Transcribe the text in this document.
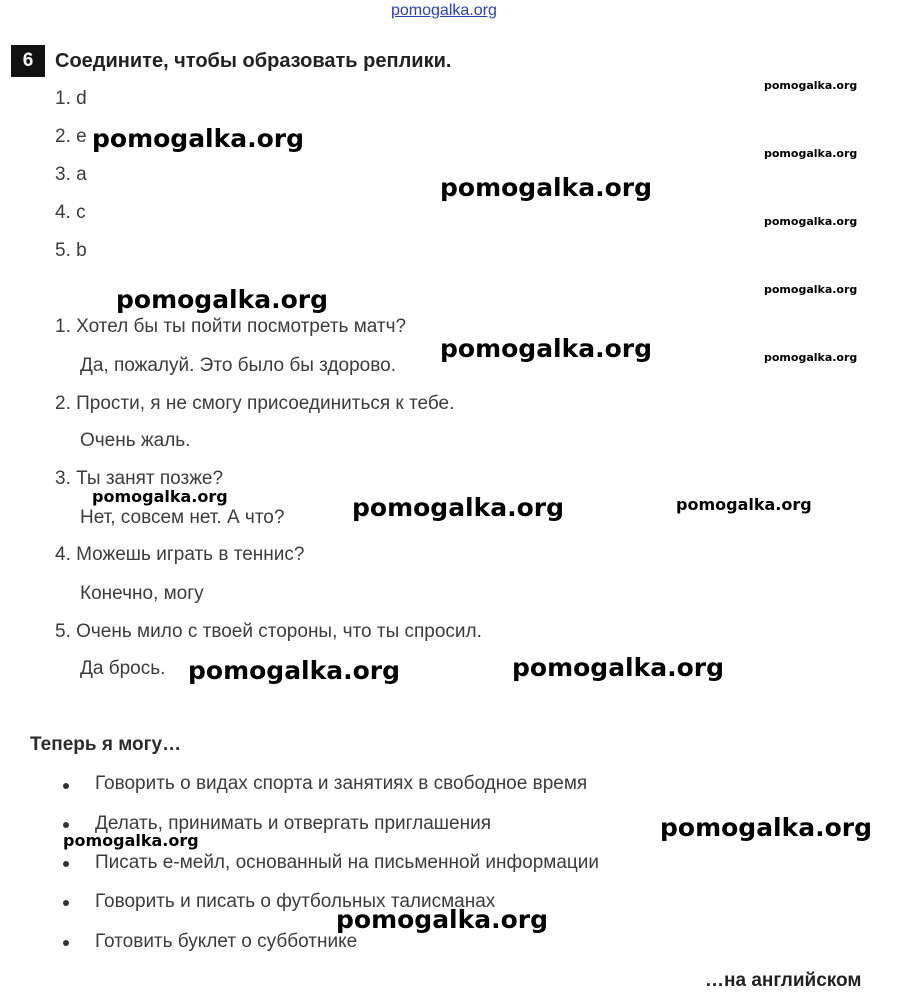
pomogalka.org
6	Соедините, чтобы образовать реплики.
1. d
2. e
3. a
4. c
5. b
1. Хотел бы ты пойти посмотреть матч?
Да, пожалуй. Это было бы здорово.
2. Прости, я не смогу присоединиться к тебе.
Очень жаль.
3. Ты занят позже?
Нет, совсем нет. А что?
4. Можешь играть в теннис?
Конечно, могу
5. Очень мило с твоей стороны, что ты спросил.
Да брось.
Теперь я могу…
Говорить о видах спорта и занятиях в свободное время
Делать, принимать и отвергать приглашения
Писать е-мейл, основанный на письменной информации
Говорить и писать о футбольных талисманах
Готовить буклет о субботнике
…на английском
pomogalka.org
pomogalka.org
pomogalka.org
pomogalka.org
pomogalka.org
pomogalka.org	pomogalka.org
pomogalka.org
pomogalka.org
pomogalka.org
pomogalka.org
pomogalka.org
pomogalka.org
pomogalka.org	pomogalka.org
pomogalka.org
pomogalka.org
